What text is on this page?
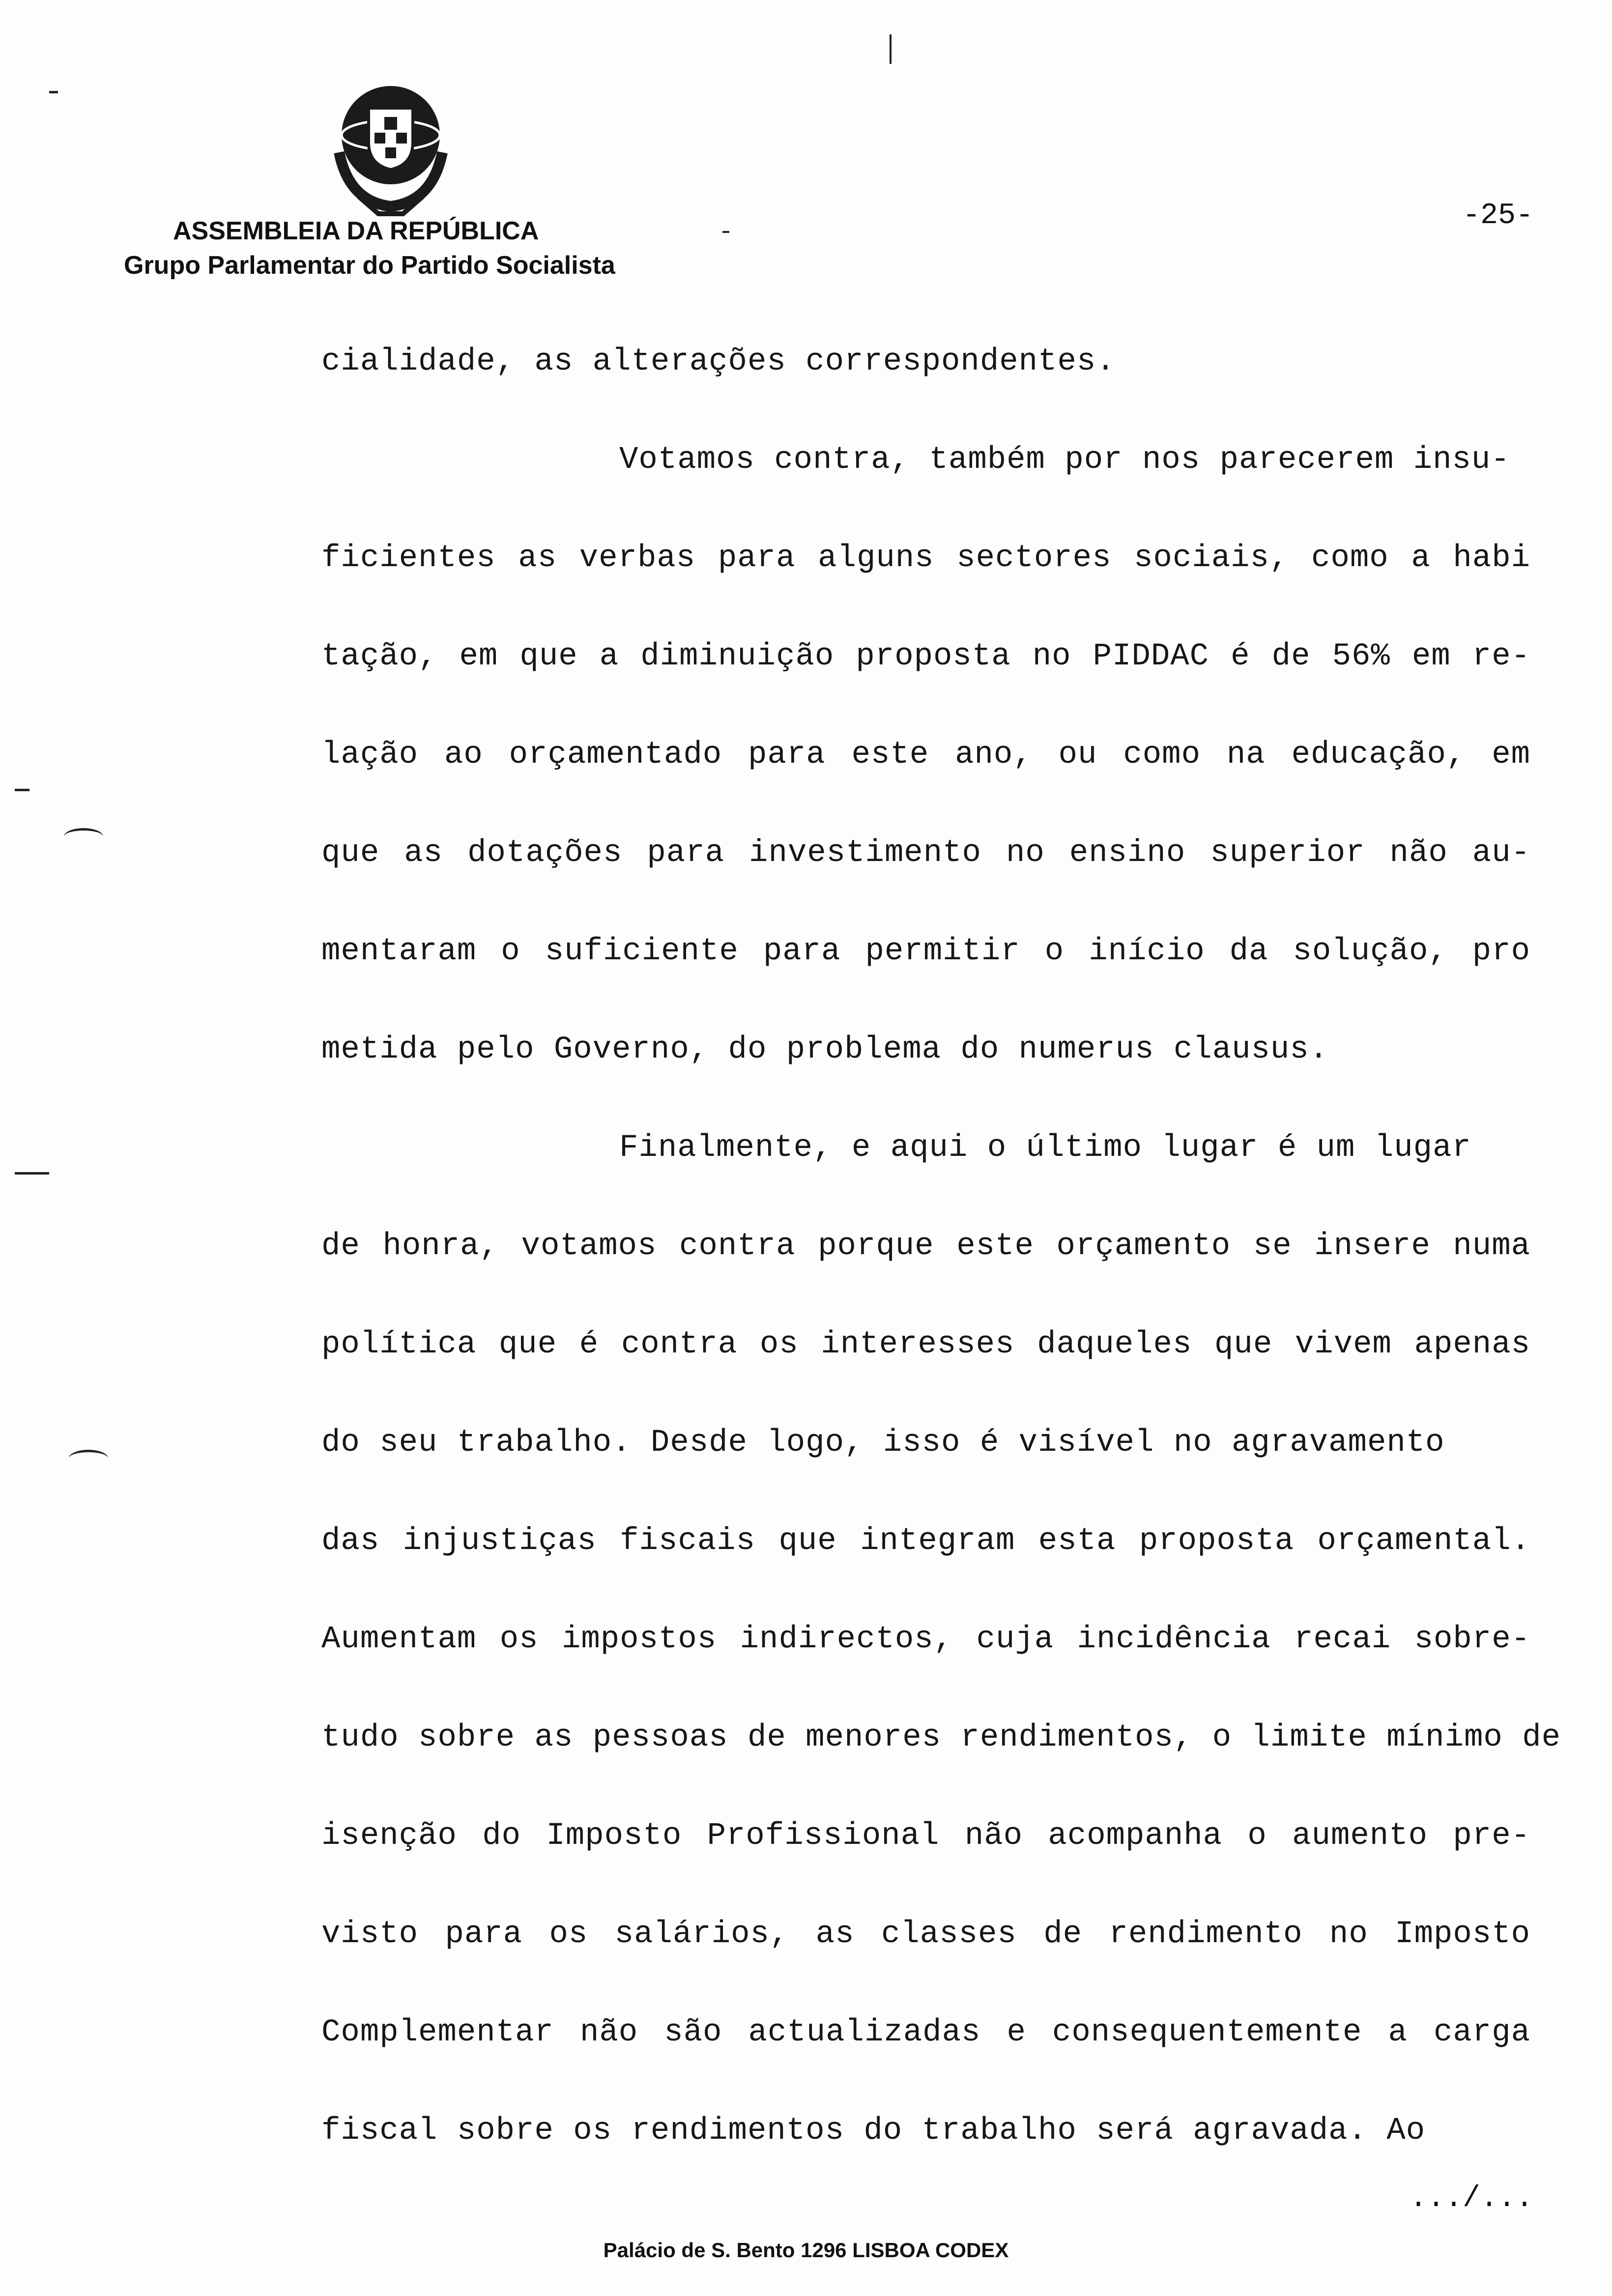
ASSEMBLEIA DA REPÚBLICA
Grupo Parlamentar do Partido Socialista
-25-
cialidade, as alterações correspondentes.
Votamos contra, também por nos parecerem insu-
ficientes as verbas para alguns sectores sociais, como a habi
tação, em que a diminuição proposta no PIDDAC é de 56% em re-
lação ao orçamentado para este ano, ou como na educação, em
que as dotações para investimento no ensino superior não au-
mentaram o suficiente para permitir o início da solução, pro
metida pelo Governo, do problema do numerus clausus.
Finalmente, e aqui o último lugar é um lugar
de honra, votamos contra porque este orçamento se insere numa
política que é contra os interesses daqueles que vivem apenas
do seu trabalho. Desde logo, isso é visível no agravamento
das injustiças fiscais que integram esta proposta orçamental.
Aumentam os impostos indirectos, cuja incidência recai sobre-
tudo sobre as pessoas de menores rendimentos, o limite mínimo de
isenção do Imposto Profissional não acompanha o aumento pre-
visto para os salários, as classes de rendimento no Imposto
Complementar não são actualizadas e consequentemente a carga
fiscal sobre os rendimentos do trabalho será agravada. Ao
.../...
Palácio de S. Bento 1296 LISBOA CODEX
